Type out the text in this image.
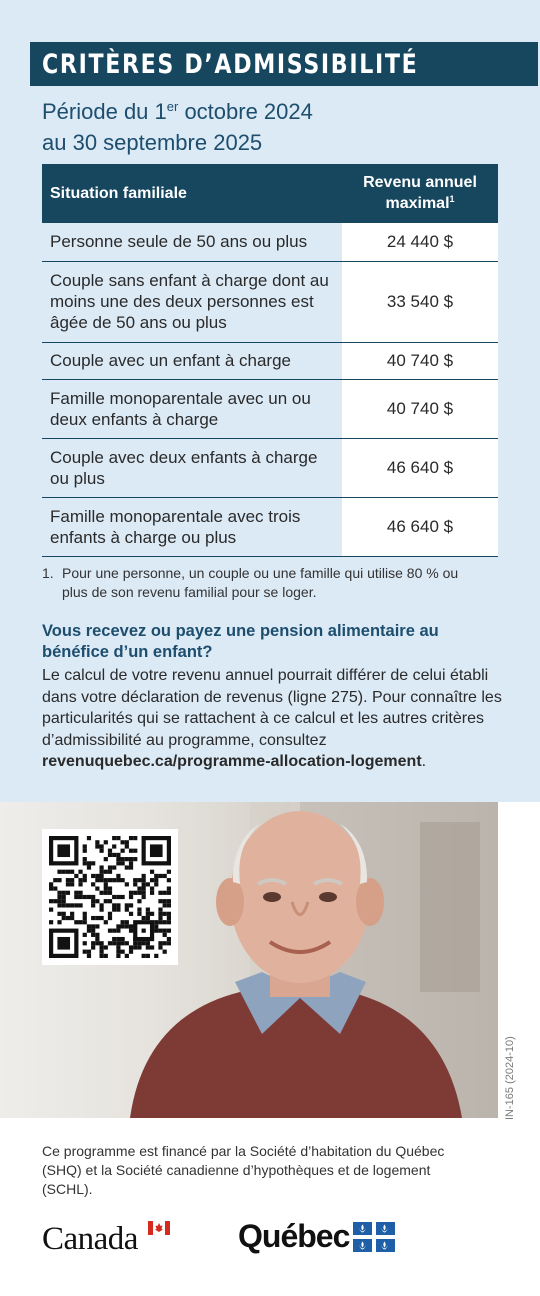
CRITÈRES D’ADMISSIBILITÉ
Période du 1er octobre 2024
au 30 septembre 2025
Situation familiale	Revenu annuel maximal$^1$
Personne seule de 50 ans ou plus	24 440 $
Couple sans enfant à charge dont au moins une des deux personnes est âgée de 50 ans ou plus	33 540 $
Couple avec un enfant à charge	40 740 $
Famille monoparentale avec un ou deux enfants à charge	40 740 $
Couple avec deux enfants à charge ou plus	46 640 $
Famille monoparentale avec trois enfants à charge ou plus	46 640 $
1. Pour une personne, un couple ou une famille qui utilise 80 % ou plus de son revenu familial pour se loger.
Vous recevez ou payez une pension alimentaire au bénéfice d’un enfant?
Le calcul de votre revenu annuel pourrait différer de celui établi dans votre déclaration de revenus (ligne 275). Pour connaître les particularités qui se rattachent à ce calcul et les autres critères d’admissibilité au programme, consultez revenuquebec.ca/programme-allocation-logement.
IN-165 (2024-10)
Ce programme est financé par la Société d’habitation du Québec (SHQ) et la Société canadienne d’hypothèques et de logement (SCHL).
Canada	Québec
